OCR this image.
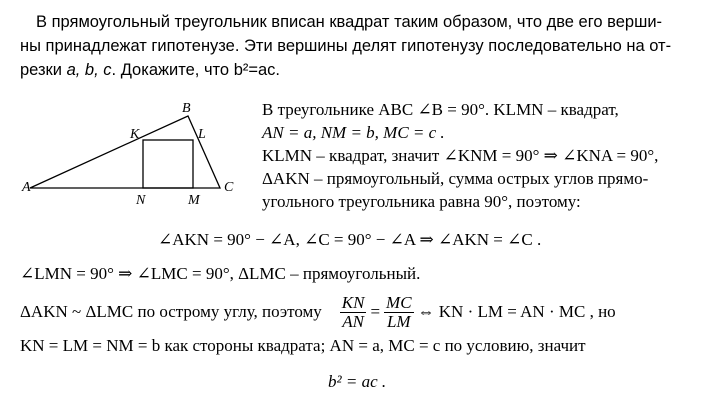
В прямоугольный треугольник вписан квадрат таким образом, что две его верши-
ны принадлежат гипотенузе. Эти вершины делят гипотенузу последовательно на от-
резки a, b, c. Докажите, что b²=ac.
A
B
C
K	L
M
N
В треугольнике ABC ∠B = 90°. KLMN – квадрат,
AN = a, NM = b, MC = c .
KLMN – квадрат, значит ∠KNM = 90° ⇒ ∠KNA = 90°,
ΔAKN – прямоугольный, сумма острых углов прямо-
угольного треугольника равна 90°, поэтому:
∠AKN = 90° − ∠A, ∠C = 90° − ∠A ⇒ ∠AKN = ∠C .
∠LMN = 90° ⇒ ∠LMC = 90°, ΔLMC – прямоугольный.
ΔAKN ~ ΔLMC по острому углу, поэтому $\frac{KN}{AN} = \frac{MC}{LM}$ ⇔ KN · LM = AN · MC , но
KN = LM = NM = b как стороны квадрата; AN = a, MC = c по условию, значит
b² = ac .
